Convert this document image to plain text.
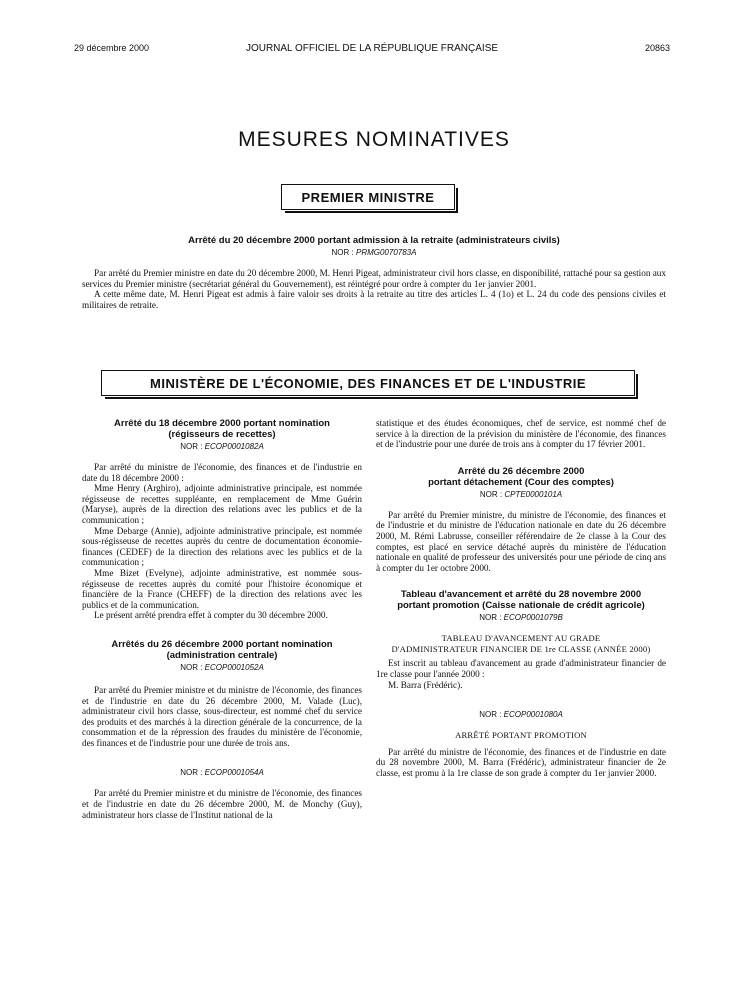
29 décembre 2000	JOURNAL OFFICIEL DE LA RÉPUBLIQUE FRANÇAISE	20863
MESURES NOMINATIVES
PREMIER MINISTRE
Arrêté du 20 décembre 2000 portant admission à la retraite (administrateurs civils)
NOR : PRMG0070783A

Par arrêté du Premier ministre en date du 20 décembre 2000, M. Henri Pigeat, administrateur civil hors classe, en disponibilité, rattaché pour sa gestion aux services du Premier ministre (secrétariat général du Gouvernement), est réintégré pour ordre à compter du 1er janvier 2001.

A cette même date, M. Henri Pigeat est admis à faire valoir ses droits à la retraite au titre des articles L. 4 (1o) et L. 24 du code des pensions civiles et militaires de retraite.

MINISTÈRE DE L'ÉCONOMIE, DES FINANCES ET DE L'INDUSTRIE
Arrêté du 18 décembre 2000 portant nomination
(régisseurs de recettes)
NOR : ECOP0001082A

Par arrêté du ministre de l'économie, des finances et de l'industrie en date du 18 décembre 2000 :

Mme Henry (Arghiro), adjointe administrative principale, est nommée régisseuse de recettes suppléante, en remplacement de Mme Guérin (Maryse), auprès de la direction des relations avec les publics et de la communication ;

Mme Debarge (Annie), adjointe administrative principale, est nommée sous-régisseuse de recettes auprès du centre de documentation économie-finances (CEDEF) de la direction des relations avec les publics et de la communication ;

Mme Bizet (Evelyne), adjointe administrative, est nommée sous-régisseuse de recettes auprès du comité pour l'histoire économique et financière de la France (CHEFF) de la direction des relations avec les publics et de la communication.

Le présent arrêté prendra effet à compter du 30 décembre 2000.

Arrêtés du 26 décembre 2000 portant nomination
(administration centrale)
NOR : ECOP0001052A

Par arrêté du Premier ministre et du ministre de l'économie, des finances et de l'industrie en date du 26 décembre 2000, M. Valade (Luc), administrateur civil hors classe, sous-directeur, est nommé chef du service des produits et des marchés à la direction générale de la concurrence, de la consommation et de la répression des fraudes du ministère de l'économie, des finances et de l'industrie pour une durée de trois ans.

NOR : ECOP0001054A

Par arrêté du Premier ministre et du ministre de l'économie, des finances et de l'industrie en date du 26 décembre 2000, M. de Monchy (Guy), administrateur hors classe de l'Institut national de la

statistique et des études économiques, chef de service, est nommé chef de service à la direction de la prévision du ministère de l'économie, des finances et de l'industrie pour une durée de trois ans à compter du 17 février 2001.

Arrêté du 26 décembre 2000
portant détachement (Cour des comptes)
NOR : CPTE0000101A

Par arrêté du Premier ministre, du ministre de l'économie, des finances et de l'industrie et du ministre de l'éducation nationale en date du 26 décembre 2000, M. Rémi Labrusse, conseiller référendaire de 2e classe à la Cour des comptes, est placé en service détaché auprès du ministère de l'éducation nationale en qualité de professeur des universités pour une période de cinq ans à compter du 1er octobre 2000.

Tableau d'avancement et arrêté du 28 novembre 2000
portant promotion (Caisse nationale de crédit agricole)
NOR : ECOP0001079B
TABLEAU D'AVANCEMENT AU GRADE
D'ADMINISTRATEUR FINANCIER DE 1re CLASSE (ANNÉE 2000)

Est inscrit au tableau d'avancement au grade d'administrateur financier de 1re classe pour l'année 2000 :

M. Barra (Frédéric).

NOR : ECOP0001080A
ARRÊTÉ PORTANT PROMOTION

Par arrêté du ministre de l'économie, des finances et de l'industrie en date du 28 novembre 2000, M. Barra (Frédéric), administrateur financier de 2e classe, est promu à la 1re classe de son grade à compter du 1er janvier 2000.
